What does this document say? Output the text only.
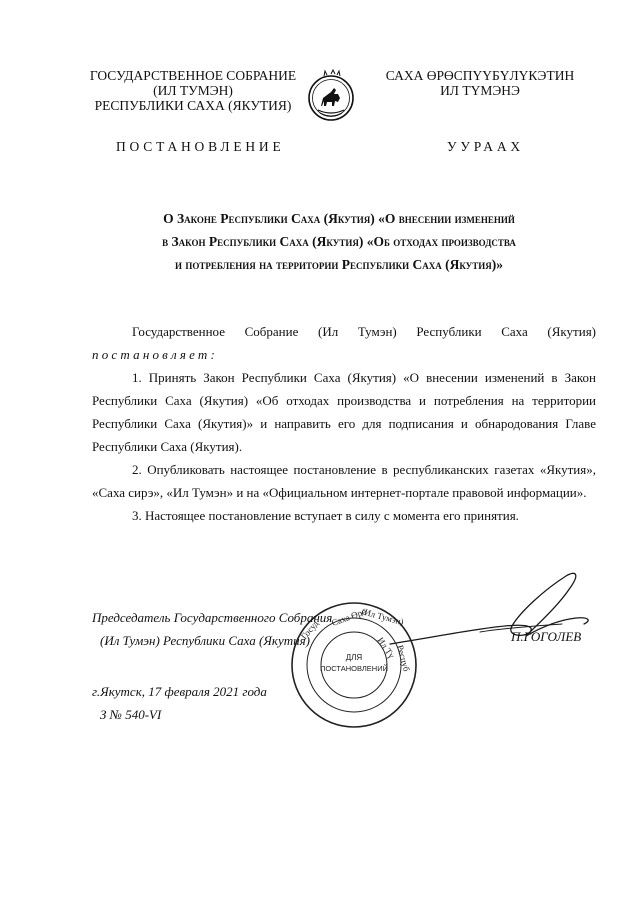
ГОСУДАРСТВЕННОЕ СОБРАНИЕ
(ИЛ ТУМЭН)
РЕСПУБЛИКИ САХА (ЯКУТИЯ)
САХА ӨРӨСПҮҮБҮЛҮКЭТИН
ИЛ ТҮМЭНЭ
ПОСТАНОВЛЕНИЕ	УУРААХ
О Законе Республики Саха (Якутия) «О внесении изменений
в Закон Республики Саха (Якутия) «Об отходах производства
и потребления на территории Республики Саха (Якутия)»

Государственное Собрание (Ил Тумэн) Республики Саха (Якутия)

постановляет:

1. Принять Закон Республики Саха (Якутия) «О внесении изменений в Закон Республики Саха (Якутия) «Об отходах производства и потребления на территории Республики Саха (Якутия)» и направить его для подписания и обнародования Главе Республики Саха (Якутия).

2. Опубликовать настоящее постановление в республиканских газетах «Якутия», «Саха сирэ», «Ил Тумэн» и на «Официальном интернет-портале правовой информации».

3. Настоящее постановление вступает в силу с момента его принятия.

Госуд
(Ил Тумэн)
Респуб
Саха Өрө
Ил Тү
ДЛЯ
ПОСТАНОВЛЕНИЙ
Председатель Государственного Собрания
(Ил Тумэн) Республики Саха (Якутия)	П.ГОГОЛЕВ
г.Якутск, 17 февраля 2021 года
З № 540-VI
